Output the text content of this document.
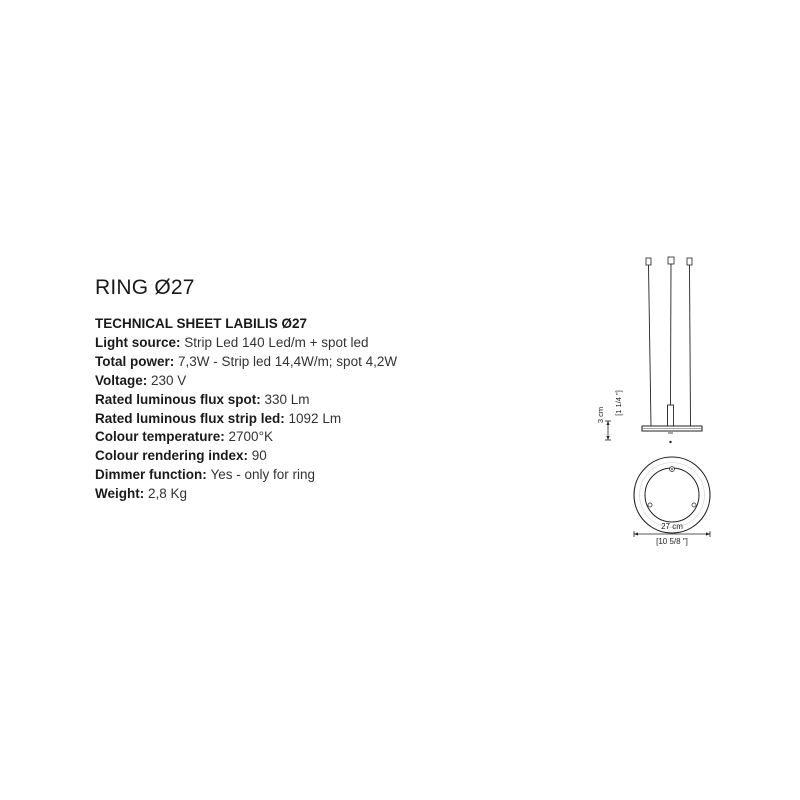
RING Ø27
TECHNICAL SHEET LABILIS Ø27
Light source: Strip Led 140 Led/m + spot led
Total power: 7,3W - Strip led 14,4W/m; spot 4,2W
Voltage: 230 V
Rated luminous flux spot: 330 Lm
Rated luminous flux strip led: 1092 Lm
Colour temperature: 2700°K
Colour rendering index: 90
Dimmer function: Yes - only for ring
Weight: 2,8 Kg
3 cm [1 1/4 "]
27 cm
[10 5/8 "]
